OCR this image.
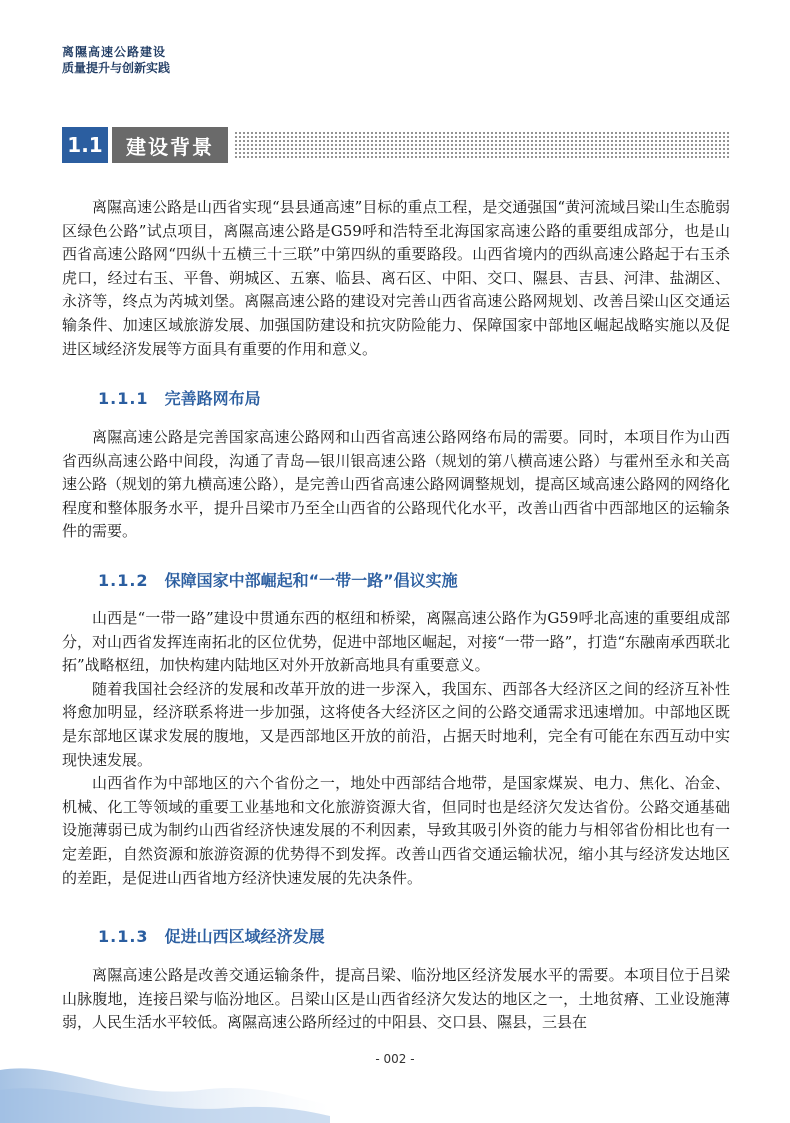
离隰高速公路建设
质量提升与创新实践
1.1	建设背景

离隰高速公路是山西省实现“县县通高速”目标的重点工程，是交通强国“黄河流域吕梁山生态脆弱区绿色公路”试点项目，离隰高速公路是G59呼和浩特至北海国家高速公路的重要组成部分，也是山西省高速公路网“四纵十五横三十三联”中第四纵的重要路段。山西省境内的西纵高速公路起于右玉杀虎口，经过右玉、平鲁、朔城区、五寨、临县、离石区、中阳、交口、隰县、吉县、河津、盐湖区、永济等，终点为芮城刘堡。离隰高速公路的建设对完善山西省高速公路网规划、改善吕梁山区交通运输条件、加速区域旅游发展、加强国防建设和抗灾防险能力、保障国家中部地区崛起战略实施以及促进区域经济发展等方面具有重要的作用和意义。

1.1.1 完善路网布局

离隰高速公路是完善国家高速公路网和山西省高速公路网络布局的需要。同时，本项目作为山西省西纵高速公路中间段，沟通了青岛—银川银高速公路（规划的第八横高速公路）与霍州至永和关高速公路（规划的第九横高速公路），是完善山西省高速公路网调整规划，提高区域高速公路网的网络化程度和整体服务水平，提升吕梁市乃至全山西省的公路现代化水平，改善山西省中西部地区的运输条件的需要。

1.1.2 保障国家中部崛起和“一带一路”倡议实施

山西是“一带一路”建设中贯通东西的枢纽和桥梁，离隰高速公路作为G59呼北高速的重要组成部分，对山西省发挥连南拓北的区位优势，促进中部地区崛起，对接“一带一路”，打造“东融南承西联北拓”战略枢纽，加快构建内陆地区对外开放新高地具有重要意义。

随着我国社会经济的发展和改革开放的进一步深入，我国东、西部各大经济区之间的经济互补性将愈加明显，经济联系将进一步加强，这将使各大经济区之间的公路交通需求迅速增加。中部地区既是东部地区谋求发展的腹地，又是西部地区开放的前沿，占据天时地利，完全有可能在东西互动中实现快速发展。

山西省作为中部地区的六个省份之一，地处中西部结合地带，是国家煤炭、电力、焦化、冶金、机械、化工等领域的重要工业基地和文化旅游资源大省，但同时也是经济欠发达省份。公路交通基础设施薄弱已成为制约山西省经济快速发展的不利因素，导致其吸引外资的能力与相邻省份相比也有一定差距，自然资源和旅游资源的优势得不到发挥。改善山西省交通运输状况，缩小其与经济发达地区的差距，是促进山西省地方经济快速发展的先决条件。

1.1.3 促进山西区域经济发展

离隰高速公路是改善交通运输条件，提高吕梁、临汾地区经济发展水平的需要。本项目位于吕梁山脉腹地，连接吕梁与临汾地区。吕梁山区是山西省经济欠发达的地区之一，土地贫瘠、工业设施薄弱，人民生活水平较低。离隰高速公路所经过的中阳县、交口县、隰县，三县在

- 002 -
